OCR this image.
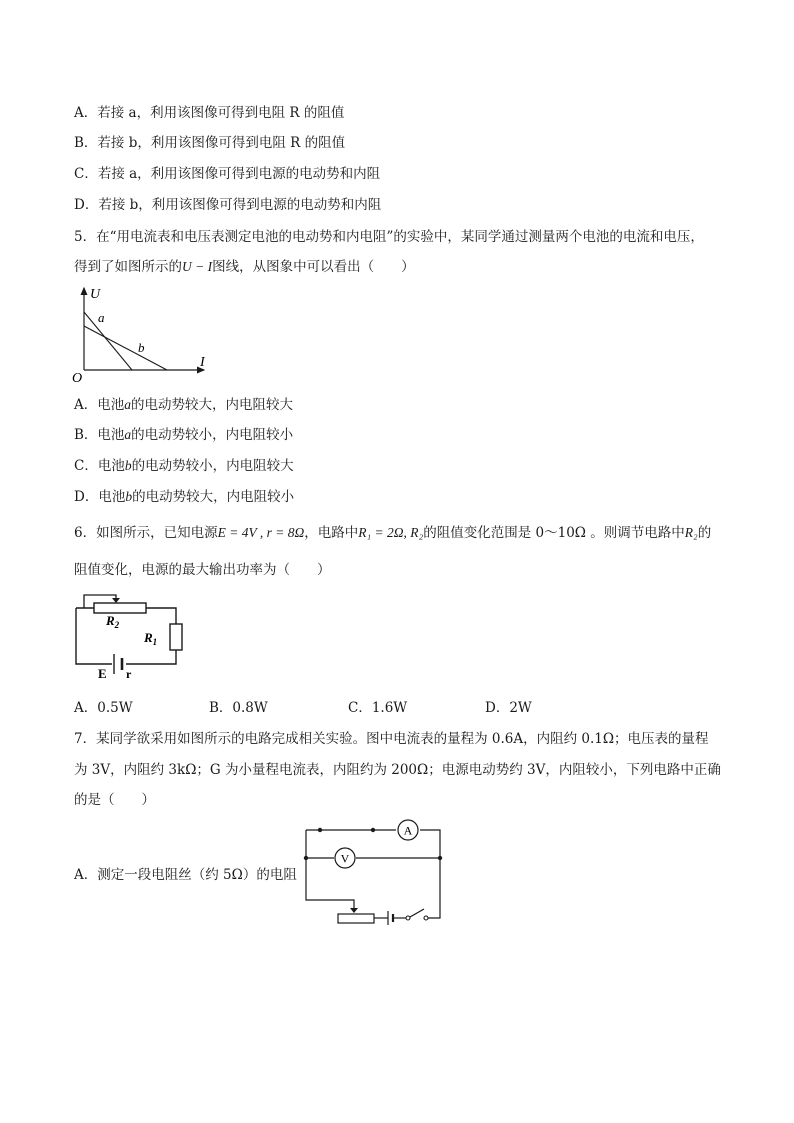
A．若接 a，利用该图像可得到电阻 R 的阻值
B．若接 b，利用该图像可得到电阻 R 的阻值
C．若接 a，利用该图像可得到电源的电动势和内阻
D．若接 b，利用该图像可得到电源的电动势和内阻
5．在“用电流表和电压表测定电池的电动势和内电阻”的实验中，某同学通过测量两个电池的电流和电压，
得到了如图所示的U − I图线，从图象中可以看出（　　）
U
I
O
a
b
A．电池a的电动势较大，内电阻较大
B．电池a的电动势较小，内电阻较小
C．电池b的电动势较小，内电阻较大
D．电池b的电动势较大，内电阻较小
6．如图所示，已知电源E = 4V , r = 8Ω，电路中R₁ = 2Ω, R₂的阻值变化范围是 0～10Ω 。则调节电路中R₂的
阻值变化，电源的最大输出功率为（　　）
$R_2$
$R_1$
E r
A．0.5W	B．0.8W	C．1.6W	D．2W
7．某同学欲采用如图所示的电路完成相关实验。图中电流表的量程为 0.6A，内阻约 0.1Ω；电压表的量程
为 3V，内阻约 3kΩ；G 为小量程电流表，内阻约为 200Ω；电源电动势约 3V，内阻较小，下列电路中正确
的是（　　）
A．测定一段电阻丝（约 5Ω）的电阻
A
V
